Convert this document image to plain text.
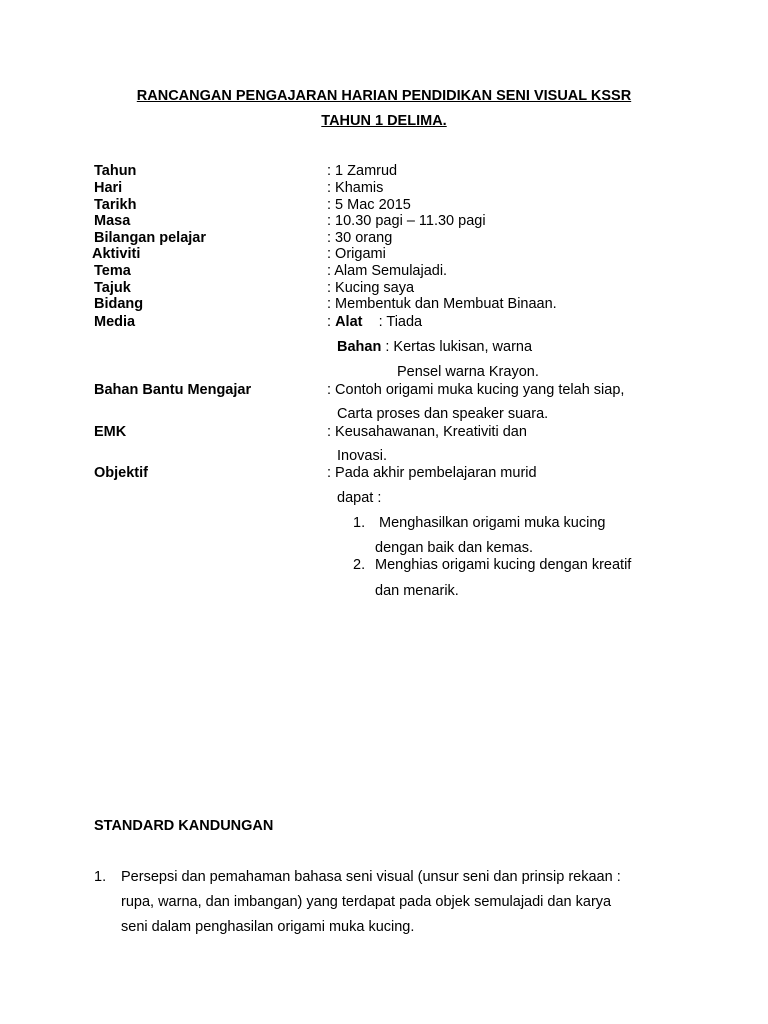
RANCANGAN PENGAJARAN HARIAN PENDIDIKAN SENI VISUAL KSSR
TAHUN 1 DELIMA.
Tahun	: 1 Zamrud
Hari	: Khamis
Tarikh	: 5 Mac 2015
Masa	: 10.30 pagi – 11.30 pagi
Bilangan pelajar	: 30 orang
Aktiviti	: Origami
Tema	: Alam Semulajadi.
Tajuk	: Kucing saya
Bidang	: Membentuk dan Membuat Binaan.
Media	: Alat    : Tiada
Bahan : Kertas lukisan, warna
Pensel warna Krayon.
Bahan Bantu Mengajar	: Contoh origami muka kucing yang telah siap,
Carta proses dan speaker suara.
EMK	: Keusahawanan, Kreativiti dan
Inovasi.
Objektif	: Pada akhir pembelajaran murid
dapat :
1. Menghasilkan origami muka kucing
dengan baik dan kemas.
2. Menghias origami kucing dengan kreatif
dan menarik.
STANDARD KANDUNGAN
1. Persepsi dan pemahaman bahasa seni visual (unsur seni dan prinsip rekaan :
rupa, warna, dan imbangan) yang terdapat pada objek semulajadi dan karya
seni dalam penghasilan origami muka kucing.
